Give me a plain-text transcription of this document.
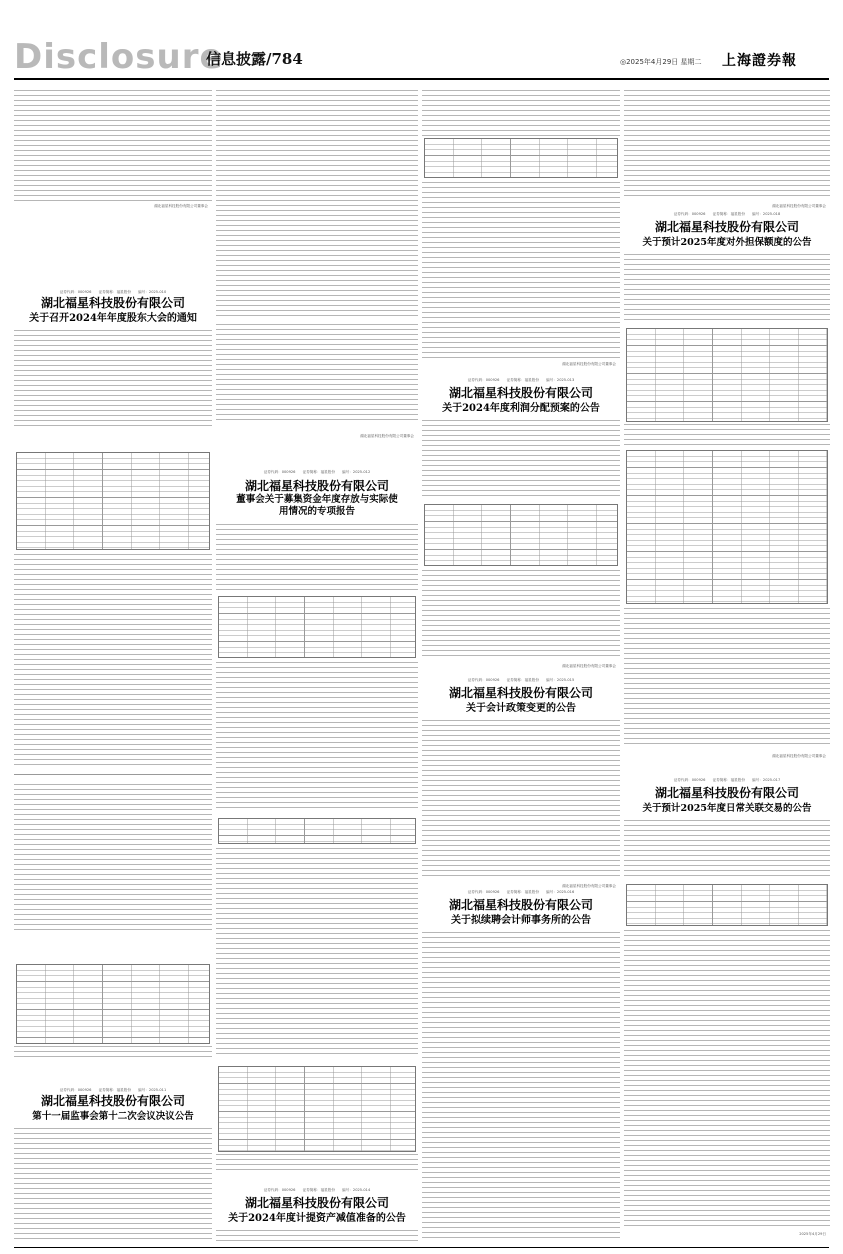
Disclosure
信息披露/784	◎2025年4月29日 星期二 上海證券報
湖北福星科技股份有限公司董事会
证券代码：000926　　证券简称：福星股份　　编号：2025-010
湖北福星科技股份有限公司
关于召开2024年年度股东大会的通知
证券代码：000926　　证券简称：福星股份　　编号：2025-011
湖北福星科技股份有限公司
第十一届监事会第十二次会议决议公告
湖北福星科技股份有限公司董事会
证券代码：000926　　证券简称：福星股份　　编号：2025-012
湖北福星科技股份有限公司
董事会关于募集资金年度存放与实际使用情况的专项报告
证券代码：000926　　证券简称：福星股份　　编号：2025-014
湖北福星科技股份有限公司
关于2024年度计提资产减值准备的公告
湖北福星科技股份有限公司董事会
证券代码：000926　　证券简称：福星股份　　编号：2025-013
湖北福星科技股份有限公司
关于2024年度利润分配预案的公告
湖北福星科技股份有限公司董事会
证券代码：000926　　证券简称：福星股份　　编号：2025-015
湖北福星科技股份有限公司
关于会计政策变更的公告
湖北福星科技股份有限公司董事会
证券代码：000926　　证券简称：福星股份　　编号：2025-016
湖北福星科技股份有限公司
关于拟续聘会计师事务所的公告
湖北福星科技股份有限公司董事会
证券代码：000926　　证券简称：福星股份　　编号：2025-018
湖北福星科技股份有限公司
关于预计2025年度对外担保额度的公告
湖北福星科技股份有限公司董事会
证券代码：000926　　证券简称：福星股份　　编号：2025-017
湖北福星科技股份有限公司
关于预计2025年度日常关联交易的公告
2025年4月29日
